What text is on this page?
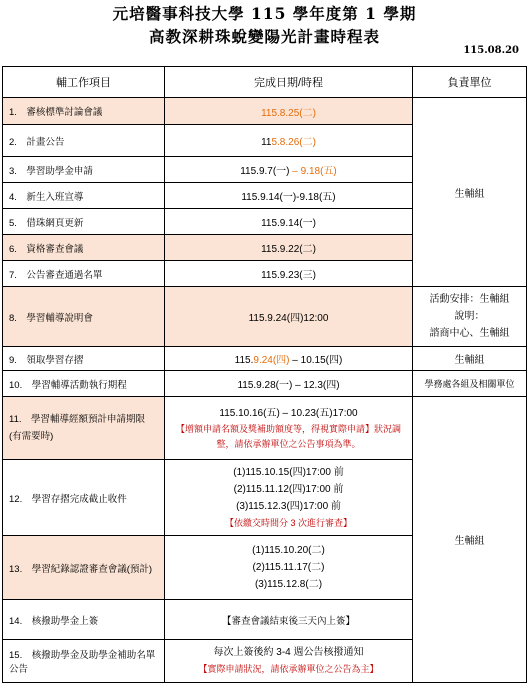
元培醫事科技大學 115 學年度第 1 學期
高教深耕珠蛻變陽光計畫時程表
115.08.20
輔工作項目	完成日期/時程	負責單位
1.　審核標準討論會議	115.8.25(二)	生輔組
2.　計畫公告	115.8.26(二)	
3.　學習助學金申請	115.9.7(一) – 9.18(五)	
4.　新生入班宣導	115.9.14(一)-9.18(五)	
5.　借珠網頁更新	115.9.14(一)	
6.　資格審查會議	115.9.22(二)	
7.　公告審查通過名單	115.9.23(三)	
8.　學習輔導說明會	115.9.24(四)12:00	活動安排：生輔組
說明：
諮商中心、生輔組

9.　領取學習存摺	115.9.24(四) – 10.15(四)	生輔組
10.　學習輔導活動執行期程	115.9.28(一) – 12.3(四)	學務處各組及相關單位

11.　學習輔導經額預計申請期限
(有需要時)	115.10.16(五) – 10.23(五)17:00
【增額申請名額及獎補助額度等，得視實際申請】狀況調整，請依承辦單位之公告事項為準。	生輔組
12.　學習存摺完成截止收件	(1)115.10.15(四)17:00 前
(2)115.11.12(四)17:00 前
(3)115.12.3(四)17:00 前
【依繳交時間分 3 次進行審查】	

13.　學習紀錄認證審查會議(預計)	(1)115.10.20(二)
(2)115.11.17(二)
(3)115.12.8(二)	

14.　核撥助學金上簽	【審查會議結束後三天內上簽】	
15.　核撥助學金及助學金補助名單公告	每次上簽後約 3-4 週公告核撥通知
【實際申請狀況，請依承辦單位之公告為主】	
